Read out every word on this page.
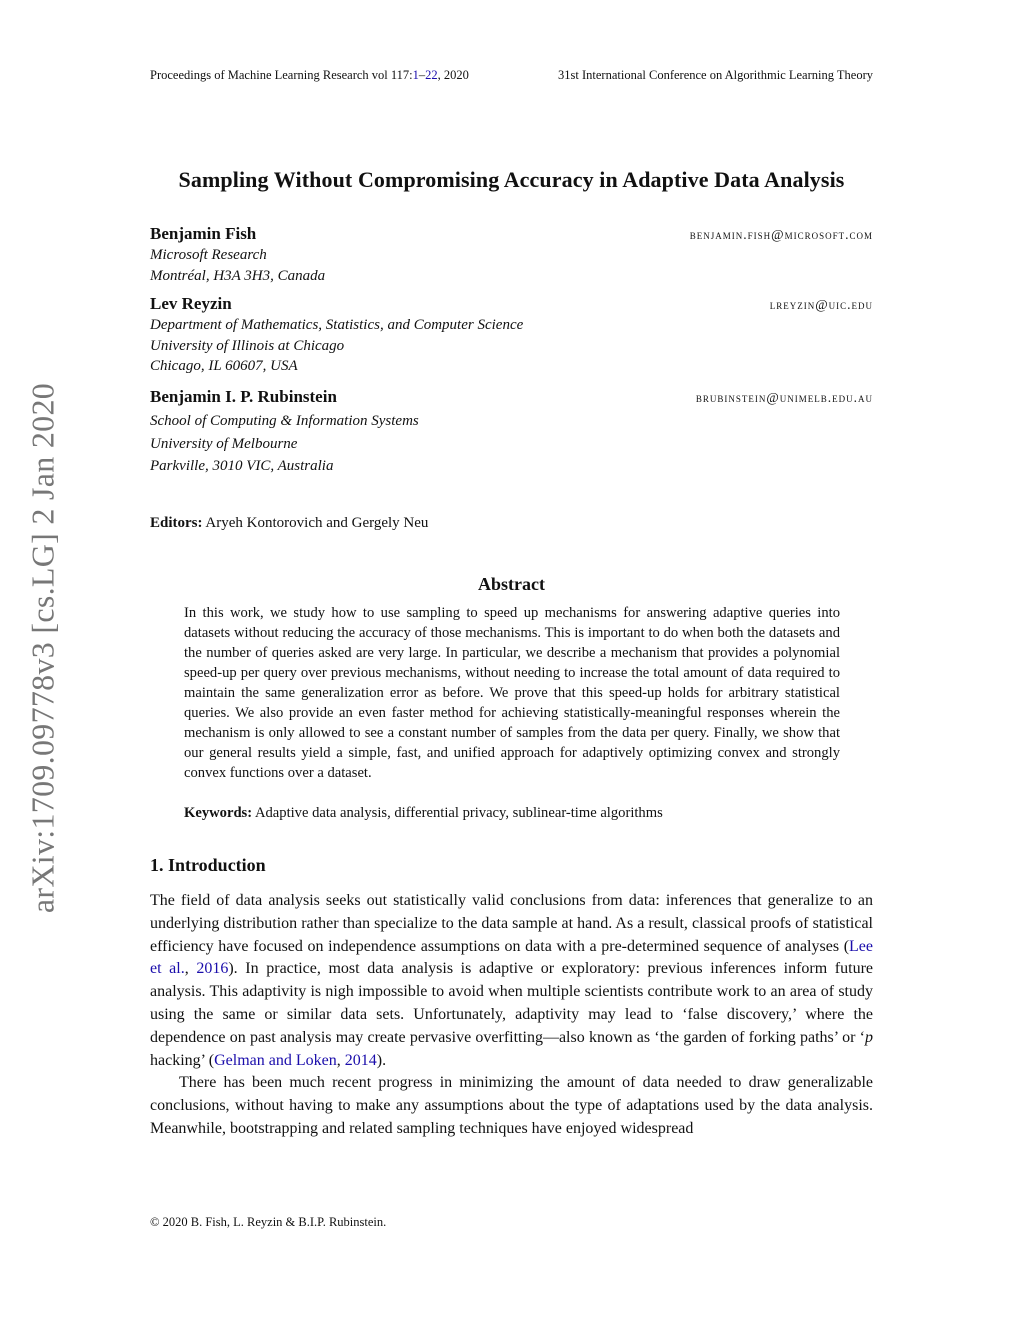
Proceedings of Machine Learning Research vol 117:1–22, 2020	31st International Conference on Algorithmic Learning Theory
Sampling Without Compromising Accuracy in Adaptive Data Analysis
Benjamin Fish	benjamin.fish@microsoft.com
Microsoft Research
Montréal, H3A 3H3, Canada
Lev Reyzin	lreyzin@uic.edu
Department of Mathematics, Statistics, and Computer Science
University of Illinois at Chicago
Chicago, IL 60607, USA
Benjamin I. P. Rubinstein	brubinstein@unimelb.edu.au
School of Computing & Information Systems
University of Melbourne
Parkville, 3010 VIC, Australia
Editors: Aryeh Kontorovich and Gergely Neu
Abstract
In this work, we study how to use sampling to speed up mechanisms for answering adaptive queries into datasets without reducing the accuracy of those mechanisms. This is important to do when both the datasets and the number of queries asked are very large. In particular, we describe a mechanism that provides a polynomial speed-up per query over previous mechanisms, without needing to increase the total amount of data required to maintain the same generalization error as before. We prove that this speed-up holds for arbitrary statistical queries. We also provide an even faster method for achieving statistically-meaningful responses wherein the mechanism is only allowed to see a constant number of samples from the data per query. Finally, we show that our general results yield a simple, fast, and unified approach for adaptively optimizing convex and strongly convex functions over a dataset.
Keywords: Adaptive data analysis, differential privacy, sublinear-time algorithms
1. Introduction

The field of data analysis seeks out statistically valid conclusions from data: inferences that generalize to an underlying distribution rather than specialize to the data sample at hand. As a result, classical proofs of statistical efficiency have focused on independence assumptions on data with a pre-determined sequence of analyses (Lee et al., 2016). In practice, most data analysis is adaptive or exploratory: previous inferences inform future analysis. This adaptivity is nigh impossible to avoid when multiple scientists contribute work to an area of study using the same or similar data sets. Unfortunately, adaptivity may lead to ‘false discovery,’ where the dependence on past analysis may create pervasive overfitting—also known as ‘the garden of forking paths’ or ‘p hacking’ (Gelman and Loken, 2014).

There has been much recent progress in minimizing the amount of data needed to draw generalizable conclusions, without having to make any assumptions about the type of adaptations used by the data analysis. Meanwhile, bootstrapping and related sampling techniques have enjoyed widespread

© 2020 B. Fish, L. Reyzin & B.I.P. Rubinstein.
arXiv:1709.09778v3 [cs.LG] 2 Jan 2020
